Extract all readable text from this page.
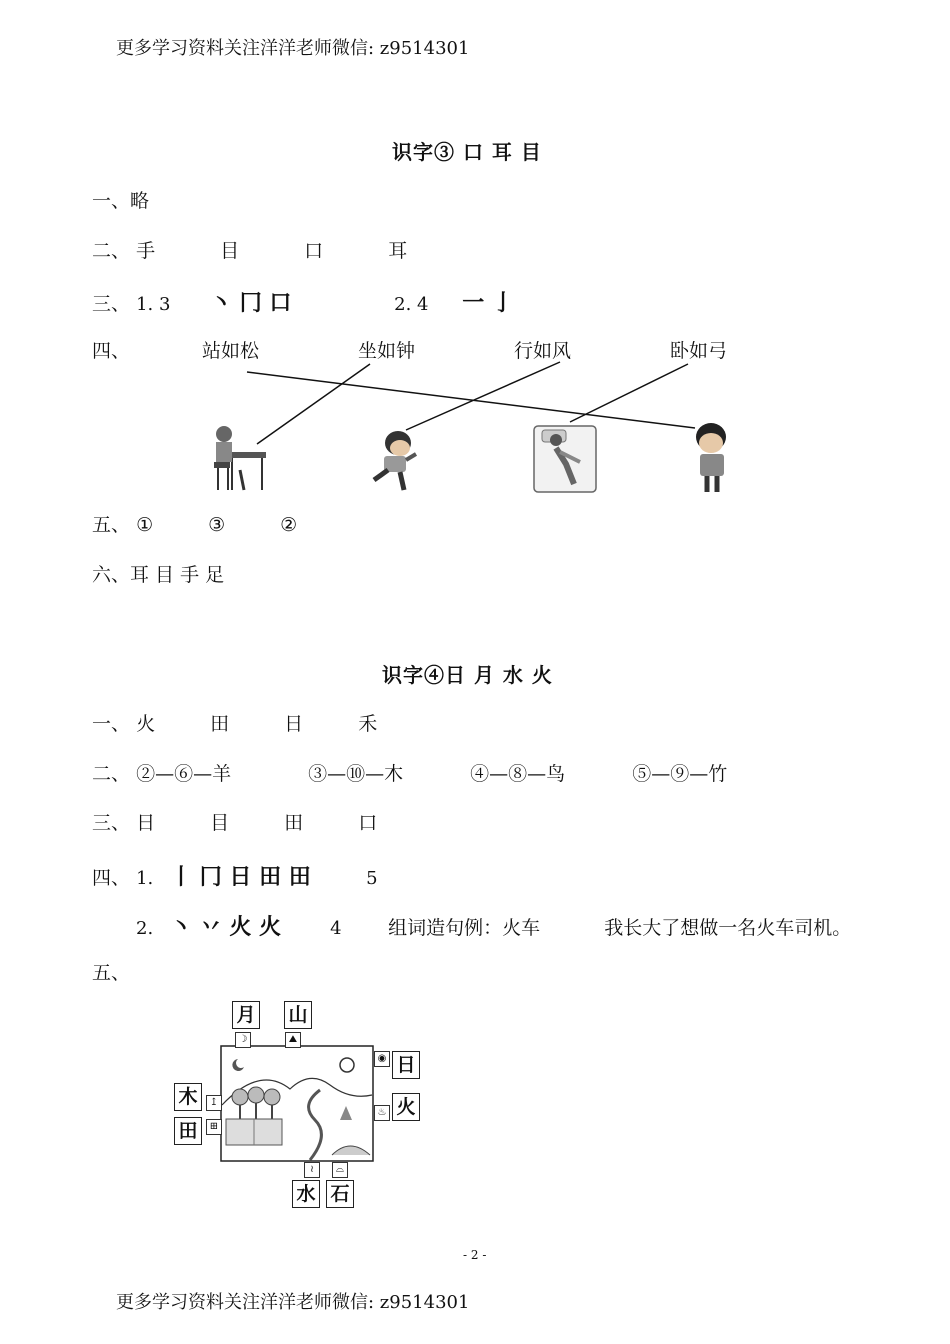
更多学习资料关注洋洋老师微信: z9514301
识字③ 口 耳 目
一、略
二、 手	目	口	耳
三、 1. 3 丶 冂 口	2. 4 一 亅
四、	站如松	坐如钟	行如风	卧如弓
五、 ①	③	②
六、耳 目 手 足
识字④日 月 水 火
一、 火	田	日	禾
二、 ②—⑥—羊	③—⑩—木	④—⑧—鸟	⑤—⑨—竹
三、 日	目	田	口
四、 1. 丨 冂 日 田 田	5
2. 丶 丷 火 火	4 组词造句例：火车	我长大了想做一名火车司机。
五、
月 山
日
木	火
田
水 石
☽	⛰
◉
↥
♨
⊞
≀	⌓
- 2 -
更多学习资料关注洋洋老师微信: z9514301
